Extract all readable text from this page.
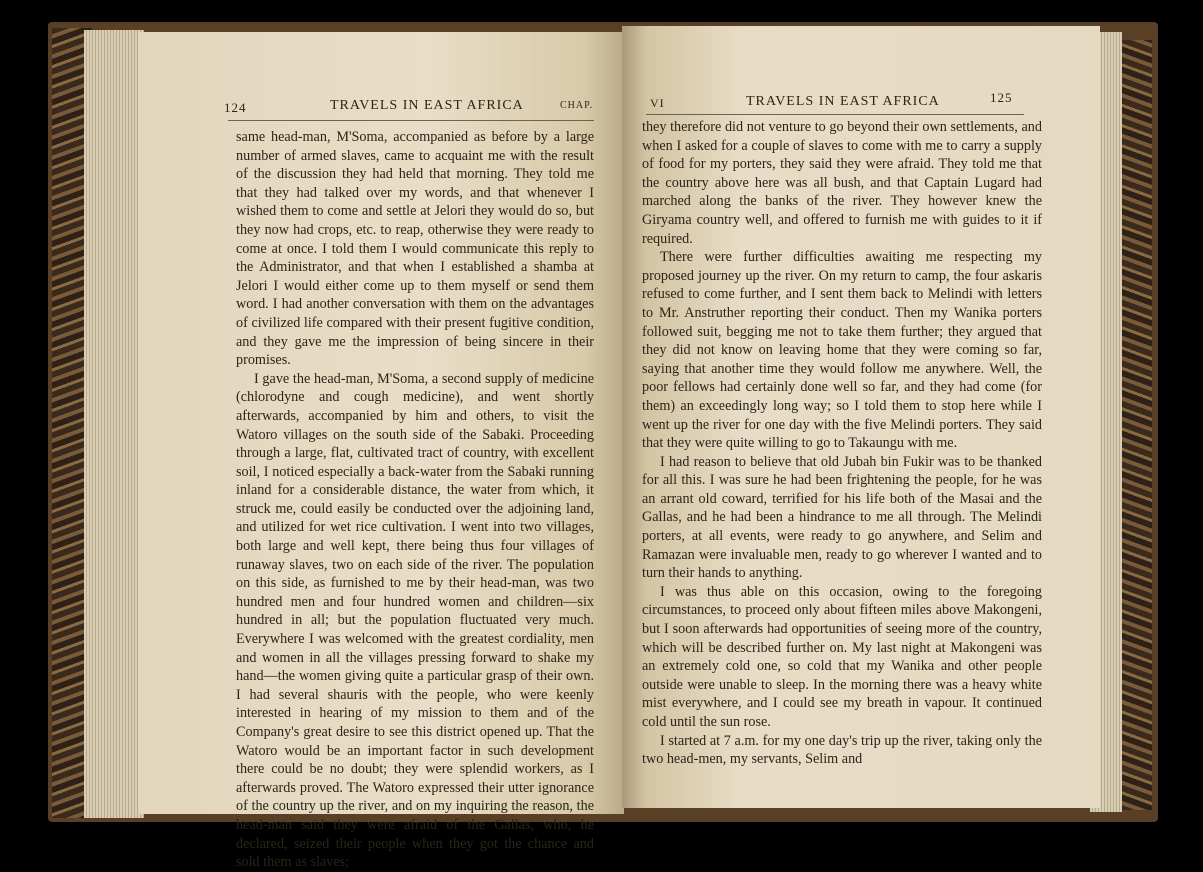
124	TRAVELS IN EAST AFRICA	CHAP.

same head-man, M'Soma, accompanied as before by a large number of armed slaves, came to acquaint me with the result of the discussion they had held that morning. They told me that they had talked over my words, and that whenever I wished them to come and settle at Jelori they would do so, but they now had crops, etc. to reap, otherwise they were ready to come at once. I told them I would communicate this reply to the Administrator, and that when I established a shamba at Jelori I would either come up to them myself or send them word. I had another conversation with them on the advantages of civilized life compared with their present fugitive condition, and they gave me the impression of being sincere in their promises.

I gave the head-man, M'Soma, a second supply of medicine (chlorodyne and cough medicine), and went shortly afterwards, accompanied by him and others, to visit the Watoro villages on the south side of the Sabaki. Proceeding through a large, flat, cultivated tract of country, with excellent soil, I noticed especially a back-water from the Sabaki running inland for a considerable distance, the water from which, it struck me, could easily be conducted over the adjoining land, and utilized for wet rice cultivation. I went into two villages, both large and well kept, there being thus four villages of runaway slaves, two on each side of the river. The population on this side, as furnished to me by their head-man, was two hundred men and four hundred women and children—six hundred in all; but the population fluctuated very much. Everywhere I was welcomed with the greatest cordiality, men and women in all the villages pressing forward to shake my hand—the women giving quite a particular grasp of their own. I had several shauris with the people, who were keenly interested in hearing of my mission to them and of the Company's great desire to see this district opened up. That the Watoro would be an important factor in such development there could be no doubt; they were splendid workers, as I afterwards proved. The Watoro expressed their utter ignorance of the country up the river, and on my inquiring the reason, the head-man said they were afraid of the Gallas, who, he declared, seized their people when they got the chance and sold them as slaves;

VI	TRAVELS IN EAST AFRICA	125

they therefore did not venture to go beyond their own settlements, and when I asked for a couple of slaves to come with me to carry a supply of food for my porters, they said they were afraid. They told me that the country above here was all bush, and that Captain Lugard had marched along the banks of the river. They however knew the Giryama country well, and offered to furnish me with guides to it if required.

There were further difficulties awaiting me respecting my proposed journey up the river. On my return to camp, the four askaris refused to come further, and I sent them back to Melindi with letters to Mr. Anstruther reporting their conduct. Then my Wanika porters followed suit, begging me not to take them further; they argued that they did not know on leaving home that they were coming so far, saying that another time they would follow me anywhere. Well, the poor fellows had certainly done well so far, and they had come (for them) an exceedingly long way; so I told them to stop here while I went up the river for one day with the five Melindi porters. They said that they were quite willing to go to Takaungu with me.

I had reason to believe that old Jubah bin Fukir was to be thanked for all this. I was sure he had been frightening the people, for he was an arrant old coward, terrified for his life both of the Masai and the Gallas, and he had been a hindrance to me all through. The Melindi porters, at all events, were ready to go anywhere, and Selim and Ramazan were invaluable men, ready to go wherever I wanted and to turn their hands to anything.

I was thus able on this occasion, owing to the foregoing circumstances, to proceed only about fifteen miles above Makongeni, but I soon afterwards had opportunities of seeing more of the country, which will be described further on. My last night at Makongeni was an extremely cold one, so cold that my Wanika and other people outside were unable to sleep. In the morning there was a heavy white mist everywhere, and I could see my breath in vapour. It continued cold until the sun rose.

I started at 7 a.m. for my one day's trip up the river, taking only the two head-men, my servants, Selim and
